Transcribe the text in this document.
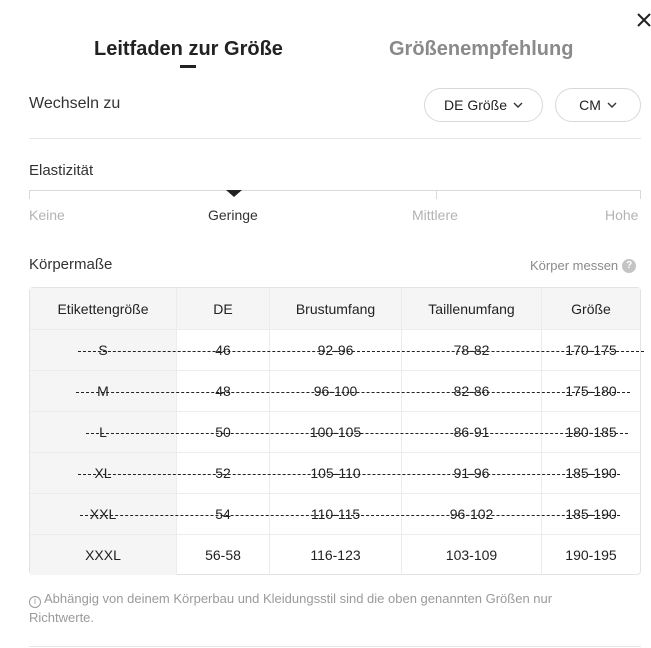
Leitfaden zur Größe	Größenempfehlung
Wechseln zu	DE Größe	CM
Elastizität
Keine	Geringe	Mittlere	Hohe
Körpermaße	Körper messen ?
Etikettengröße	DE	Brustumfang	Taillenumfang	Größe
S	46	92-96	78-82	170-175
M	48	96-100	82-86	175-180
L	50	100-105	86-91	180-185
XL	52	105-110	91-96	185-190
XXL	54	110-115	96-102	185-190
XXXL	56-58	116-123	103-109	190-195
i Abhängig von deinem Körperbau und Kleidungsstil sind die oben genannten Größen nur Richtwerte.
